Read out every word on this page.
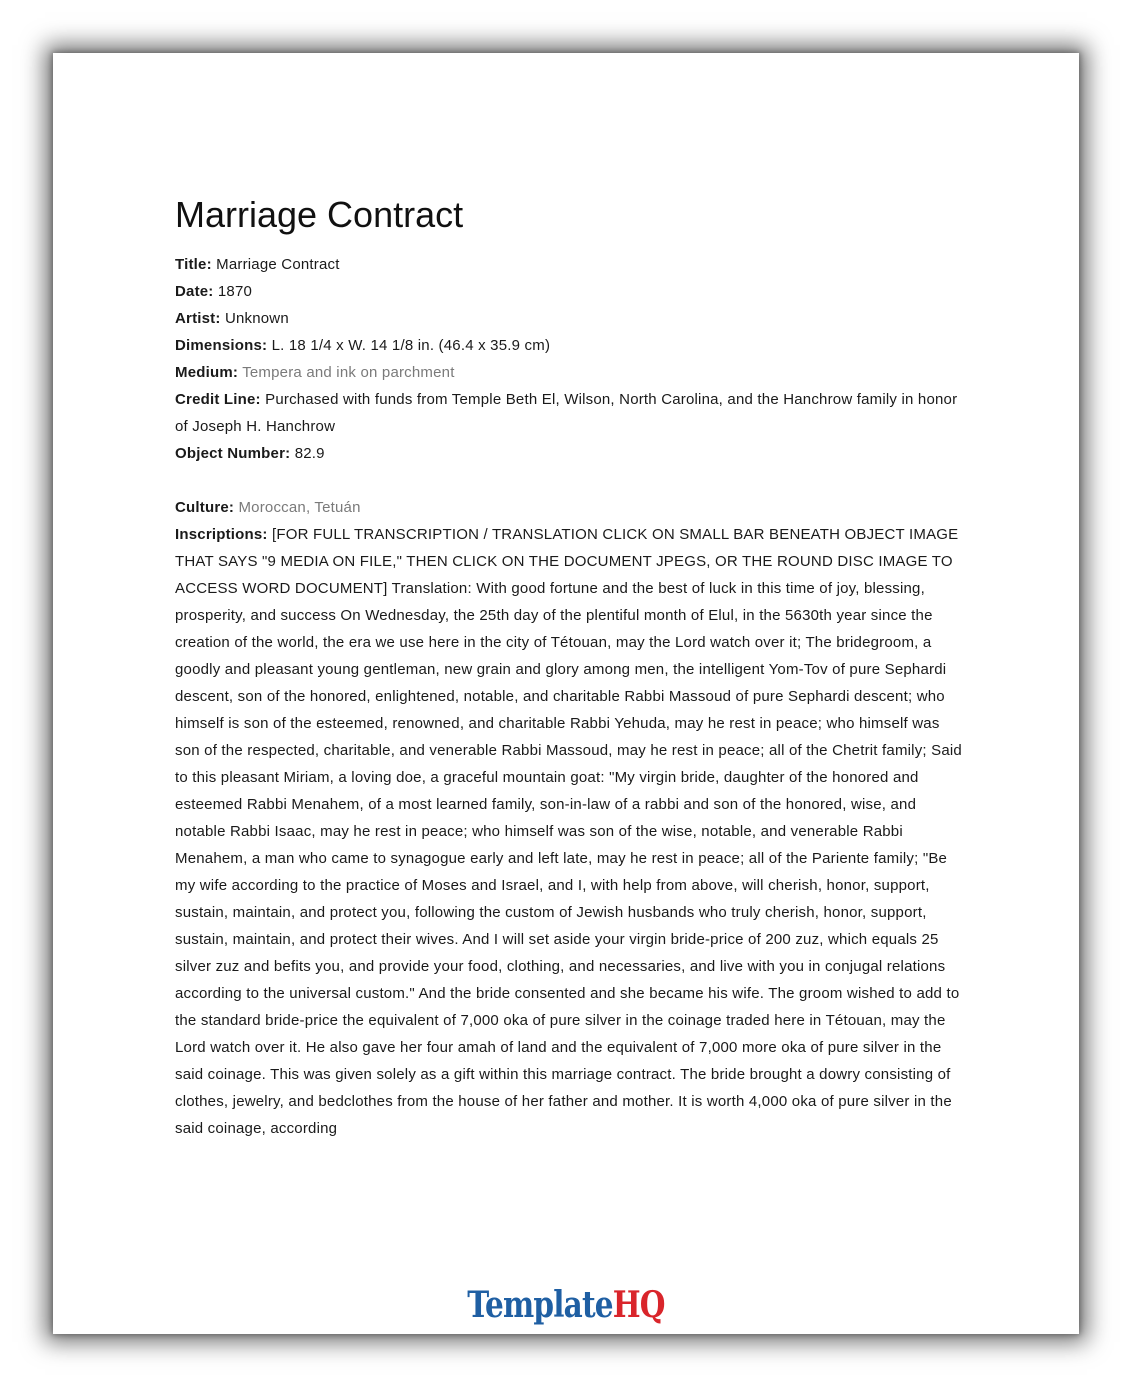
Marriage Contract
Title: Marriage Contract
Date: 1870
Artist: Unknown
Dimensions: L. 18 1/4 x W. 14 1/8 in. (46.4 x 35.9 cm)
Medium: Tempera and ink on parchment
Credit Line: Purchased with funds from Temple Beth El, Wilson, North Carolina, and the Hanchrow family in honor of Joseph H. Hanchrow
Object Number: 82.9
Culture: Moroccan, Tetuán
Inscriptions: [FOR FULL TRANSCRIPTION / TRANSLATION CLICK ON SMALL BAR BENEATH OBJECT IMAGE THAT SAYS "9 MEDIA ON FILE," THEN CLICK ON THE DOCUMENT JPEGS, OR THE ROUND DISC IMAGE TO ACCESS WORD DOCUMENT] Translation: With good fortune and the best of luck in this time of joy, blessing, prosperity, and success On Wednesday, the 25th day of the plentiful month of Elul, in the 5630th year since the creation of the world, the era we use here in the city of Tétouan, may the Lord watch over it; The bridegroom, a goodly and pleasant young gentleman, new grain and glory among men, the intelligent Yom-Tov of pure Sephardi descent, son of the honored, enlightened, notable, and charitable Rabbi Massoud of pure Sephardi descent; who himself is son of the esteemed, renowned, and charitable Rabbi Yehuda, may he rest in peace; who himself was son of the respected, charitable, and venerable Rabbi Massoud, may he rest in peace; all of the Chetrit family; Said to this pleasant Miriam, a loving doe, a graceful mountain goat: "My virgin bride, daughter of the honored and esteemed Rabbi Menahem, of a most learned family, son-in-law of a rabbi and son of the honored, wise, and notable Rabbi Isaac, may he rest in peace; who himself was son of the wise, notable, and venerable Rabbi Menahem, a man who came to synagogue early and left late, may he rest in peace; all of the Pariente family; "Be my wife according to the practice of Moses and Israel, and I, with help from above, will cherish, honor, support, sustain, maintain, and protect you, following the custom of Jewish husbands who truly cherish, honor, support, sustain, maintain, and protect their wives. And I will set aside your virgin bride-price of 200 zuz, which equals 25 silver zuz and befits you, and provide your food, clothing, and necessaries, and live with you in conjugal relations according to the universal custom." And the bride consented and she became his wife. The groom wished to add to the standard bride-price the equivalent of 7,000 oka of pure silver in the coinage traded here in Tétouan, may the Lord watch over it. He also gave her four amah of land and the equivalent of 7,000 more oka of pure silver in the said coinage. This was given solely as a gift within this marriage contract. The bride brought a dowry consisting of clothes, jewelry, and bedclothes from the house of her father and mother. It is worth 4,000 oka of pure silver in the said coinage, according
TemplateHQ
